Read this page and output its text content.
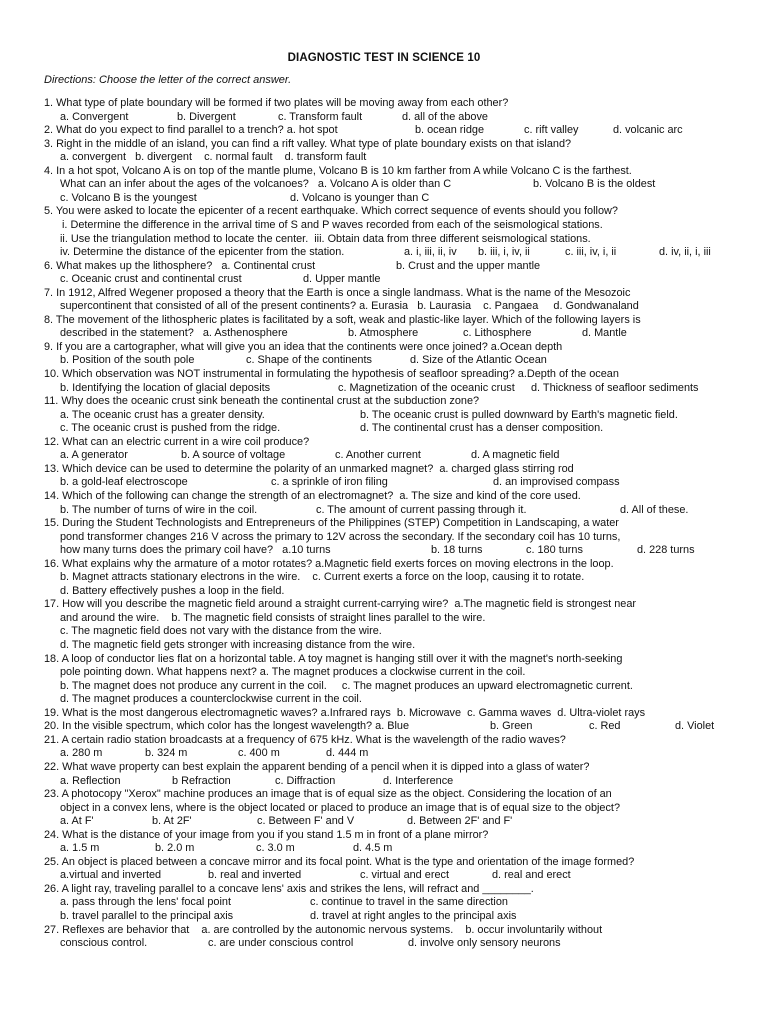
DIAGNOSTIC TEST IN SCIENCE 10
Directions: Choose the letter of the correct answer.
1. What type of plate boundary will be formed if two plates will be moving away from each other?
a. Convergent	b. Divergent	c. Transform fault	d. all of the above
2. What do you expect to find parallel to a trench? a. hot spot	b. ocean ridge	c. rift valley	d. volcanic arc
3. Right in the middle of an island, you can find a rift valley. What type of plate boundary exists on that island?
a. convergent   b. divergent    c. normal fault    d. transform fault
4. In a hot spot, Volcano A is on top of the mantle plume, Volcano B is 10 km farther from A while Volcano C is the farthest.
What can an infer about the ages of the volcanoes?   a. Volcano A is older than C	b. Volcano B is the oldest
c. Volcano B is the youngest	d. Volcano is younger than C
5. You were asked to locate the epicenter of a recent earthquake. Which correct sequence of events should you follow?
i. Determine the difference in the arrival time of S and P waves recorded from each of the seismological stations.
ii. Use the triangulation method to locate the center.  iii. Obtain data from three different seismological stations.
iv. Determine the distance of the epicenter from the station.	a. i, iii, ii, iv b. iii, i, iv, ii	c. iii, iv, i, ii	d. iv, ii, i, iii
6. What makes up the lithosphere?   a. Continental crust	b. Crust and the upper mantle
c. Oceanic crust and continental crust	d. Upper mantle
7. In 1912, Alfred Wegener proposed a theory that the Earth is once a single landmass. What is the name of the Mesozoic
supercontinent that consisted of all of the present continents? a. Eurasia   b. Laurasia    c. Pangaea     d. Gondwanaland
8. The movement of the lithospheric plates is facilitated by a soft, weak and plastic-like layer. Which of the following layers is
described in the statement?   a. Asthenosphere	b. Atmosphere	c. Lithosphere	d. Mantle
9. If you are a cartographer, what will give you an idea that the continents were once joined? a.Ocean depth
b. Position of the south pole	c. Shape of the continents	d. Size of the Atlantic Ocean
10. Which observation was NOT instrumental in formulating the hypothesis of seafloor spreading? a.Depth of the ocean
b. Identifying the location of glacial deposits	c. Magnetization of the oceanic crust d. Thickness of seafloor sediments
11. Why does the oceanic crust sink beneath the continental crust at the subduction zone?
a. The oceanic crust has a greater density.	b. The oceanic crust is pulled downward by Earth's magnetic field.
c. The oceanic crust is pushed from the ridge.	d. The continental crust has a denser composition.
12. What can an electric current in a wire coil produce?
a. A generator	b. A source of voltage	c. Another current	d. A magnetic field
13. Which device can be used to determine the polarity of an unmarked magnet?  a. charged glass stirring rod
b. a gold-leaf electroscope	c. a sprinkle of iron filing	d. an improvised compass
14. Which of the following can change the strength of an electromagnet?  a. The size and kind of the core used.
b. The number of turns of wire in the coil.	c. The amount of current passing through it.	d. All of these.
15. During the Student Technologists and Entrepreneurs of the Philippines (STEP) Competition in Landscaping, a water
pond transformer changes 216 V across the primary to 12V across the secondary. If the secondary coil has 10 turns,
how many turns does the primary coil have?   a.10 turns	b. 18 turns	c. 180 turns	d. 228 turns
16. What explains why the armature of a motor rotates? a.Magnetic field exerts forces on moving electrons in the loop.
b. Magnet attracts stationary electrons in the wire.    c. Current exerts a force on the loop, causing it to rotate.
d. Battery effectively pushes a loop in the field.
17. How will you describe the magnetic field around a straight current-carrying wire?  a.The magnetic field is strongest near
and around the wire.    b. The magnetic field consists of straight lines parallel to the wire.
c. The magnetic field does not vary with the distance from the wire.
d. The magnetic field gets stronger with increasing distance from the wire.
18. A loop of conductor lies flat on a horizontal table. A toy magnet is hanging still over it with the magnet's north-seeking
pole pointing down. What happens next? a. The magnet produces a clockwise current in the coil.
b. The magnet does not produce any current in the coil.     c. The magnet produces an upward electromagnetic current.
d. The magnet produces a counterclockwise current in the coil.
19. What is the most dangerous electromagnetic waves? a.Infrared rays  b. Microwave  c. Gamma waves  d. Ultra-violet rays
20. In the visible spectrum, which color has the longest wavelength? a. Blue	b. Green	c. Red	d. Violet
21. A certain radio station broadcasts at a frequency of 675 kHz. What is the wavelength of the radio waves?
a. 280 m	b. 324 m	c. 400 m	d. 444 m
22. What wave property can best explain the apparent bending of a pencil when it is dipped into a glass of water?
a. Reflection	b Refraction	c. Diffraction	d. Interference
23. A photocopy "Xerox" machine produces an image that is of equal size as the object. Considering the location of an
object in a convex lens, where is the object located or placed to produce an image that is of equal size to the object?
a. At F'	b. At 2F'	c. Between F' and V	d. Between 2F' and F'
24. What is the distance of your image from you if you stand 1.5 m in front of a plane mirror?
a. 1.5 m	b. 2.0 m	c. 3.0 m	d. 4.5 m
25. An object is placed between a concave mirror and its focal point. What is the type and orientation of the image formed?
a.virtual and inverted	b. real and inverted	c. virtual and erect	d. real and erect
26. A light ray, traveling parallel to a concave lens' axis and strikes the lens, will refract and ________.
a. pass through the lens' focal point	c. continue to travel in the same direction
b. travel parallel to the principal axis	d. travel at right angles to the principal axis
27. Reflexes are behavior that    a. are controlled by the autonomic nervous systems.    b. occur involuntarily without
conscious control.	c. are under conscious control	d. involve only sensory neurons
